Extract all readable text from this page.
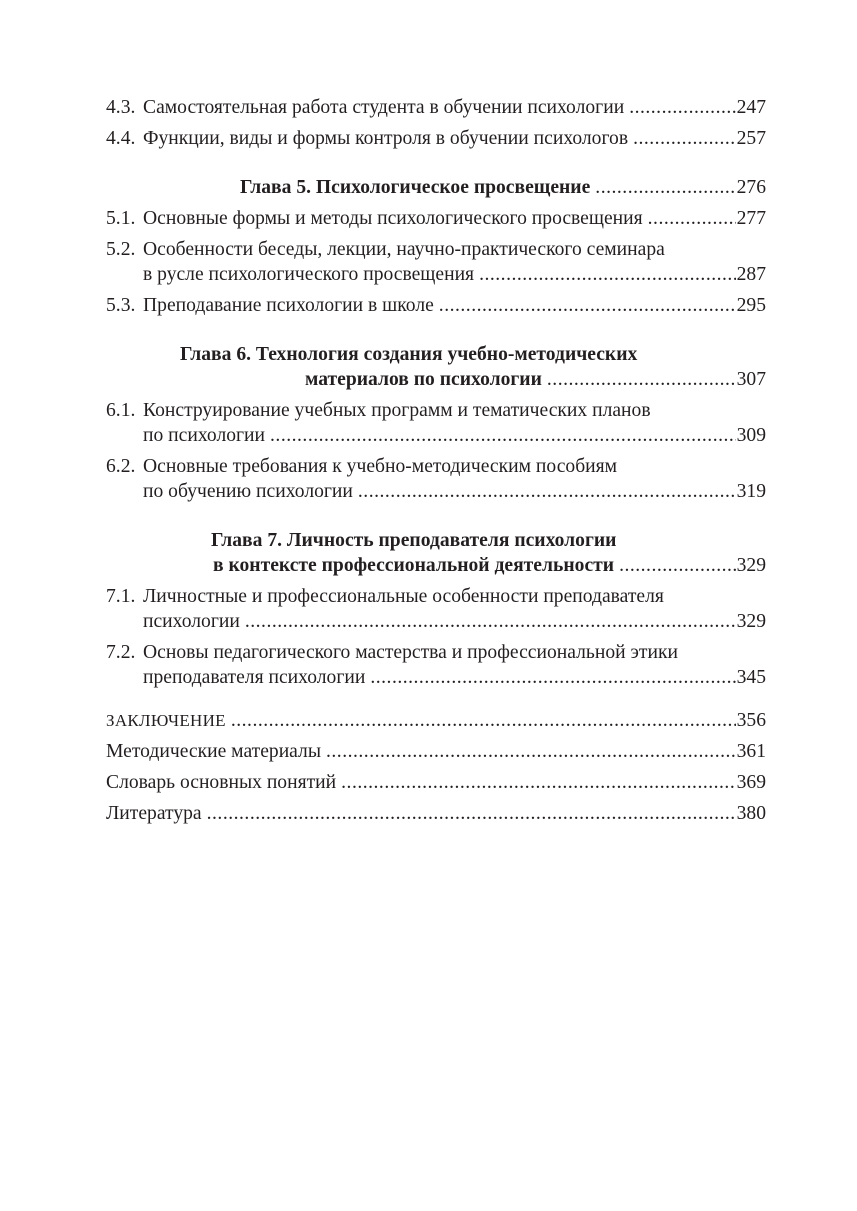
4.3. Самостоятельная работа студента в обучении психологии .....	247
4.4. Функции, виды и формы контроля в обучении психологов .....	257
Глава 5. Психологическое просвещение .....	276
5.1. Основные формы и методы психологического просвещения .....	277
5.2. Особенности беседы, лекции, научно-практического семинара
в русле психологического просвещения .....	287
5.3. Преподавание психологии в школе .....	295
Глава 6. Технология создания учебно-методических
материалов по психологии .....	307
6.1. Конструирование учебных программ и тематических планов
по психологии .....	309
6.2. Основные требования к учебно-методическим пособиям
по обучению психологии .....	319
Глава 7. Личность преподавателя психологии
в контексте профессиональной деятельности .....	329
7.1. Личностные и профессиональные особенности преподавателя
психологии .....	329
7.2. Основы педагогического мастерства и профессиональной этики
преподавателя психологии .....	345
ЗАКЛЮЧЕНИЕ .....	356
Методические материалы .....	361
Словарь основных понятий .....	369
Литература .....	380
